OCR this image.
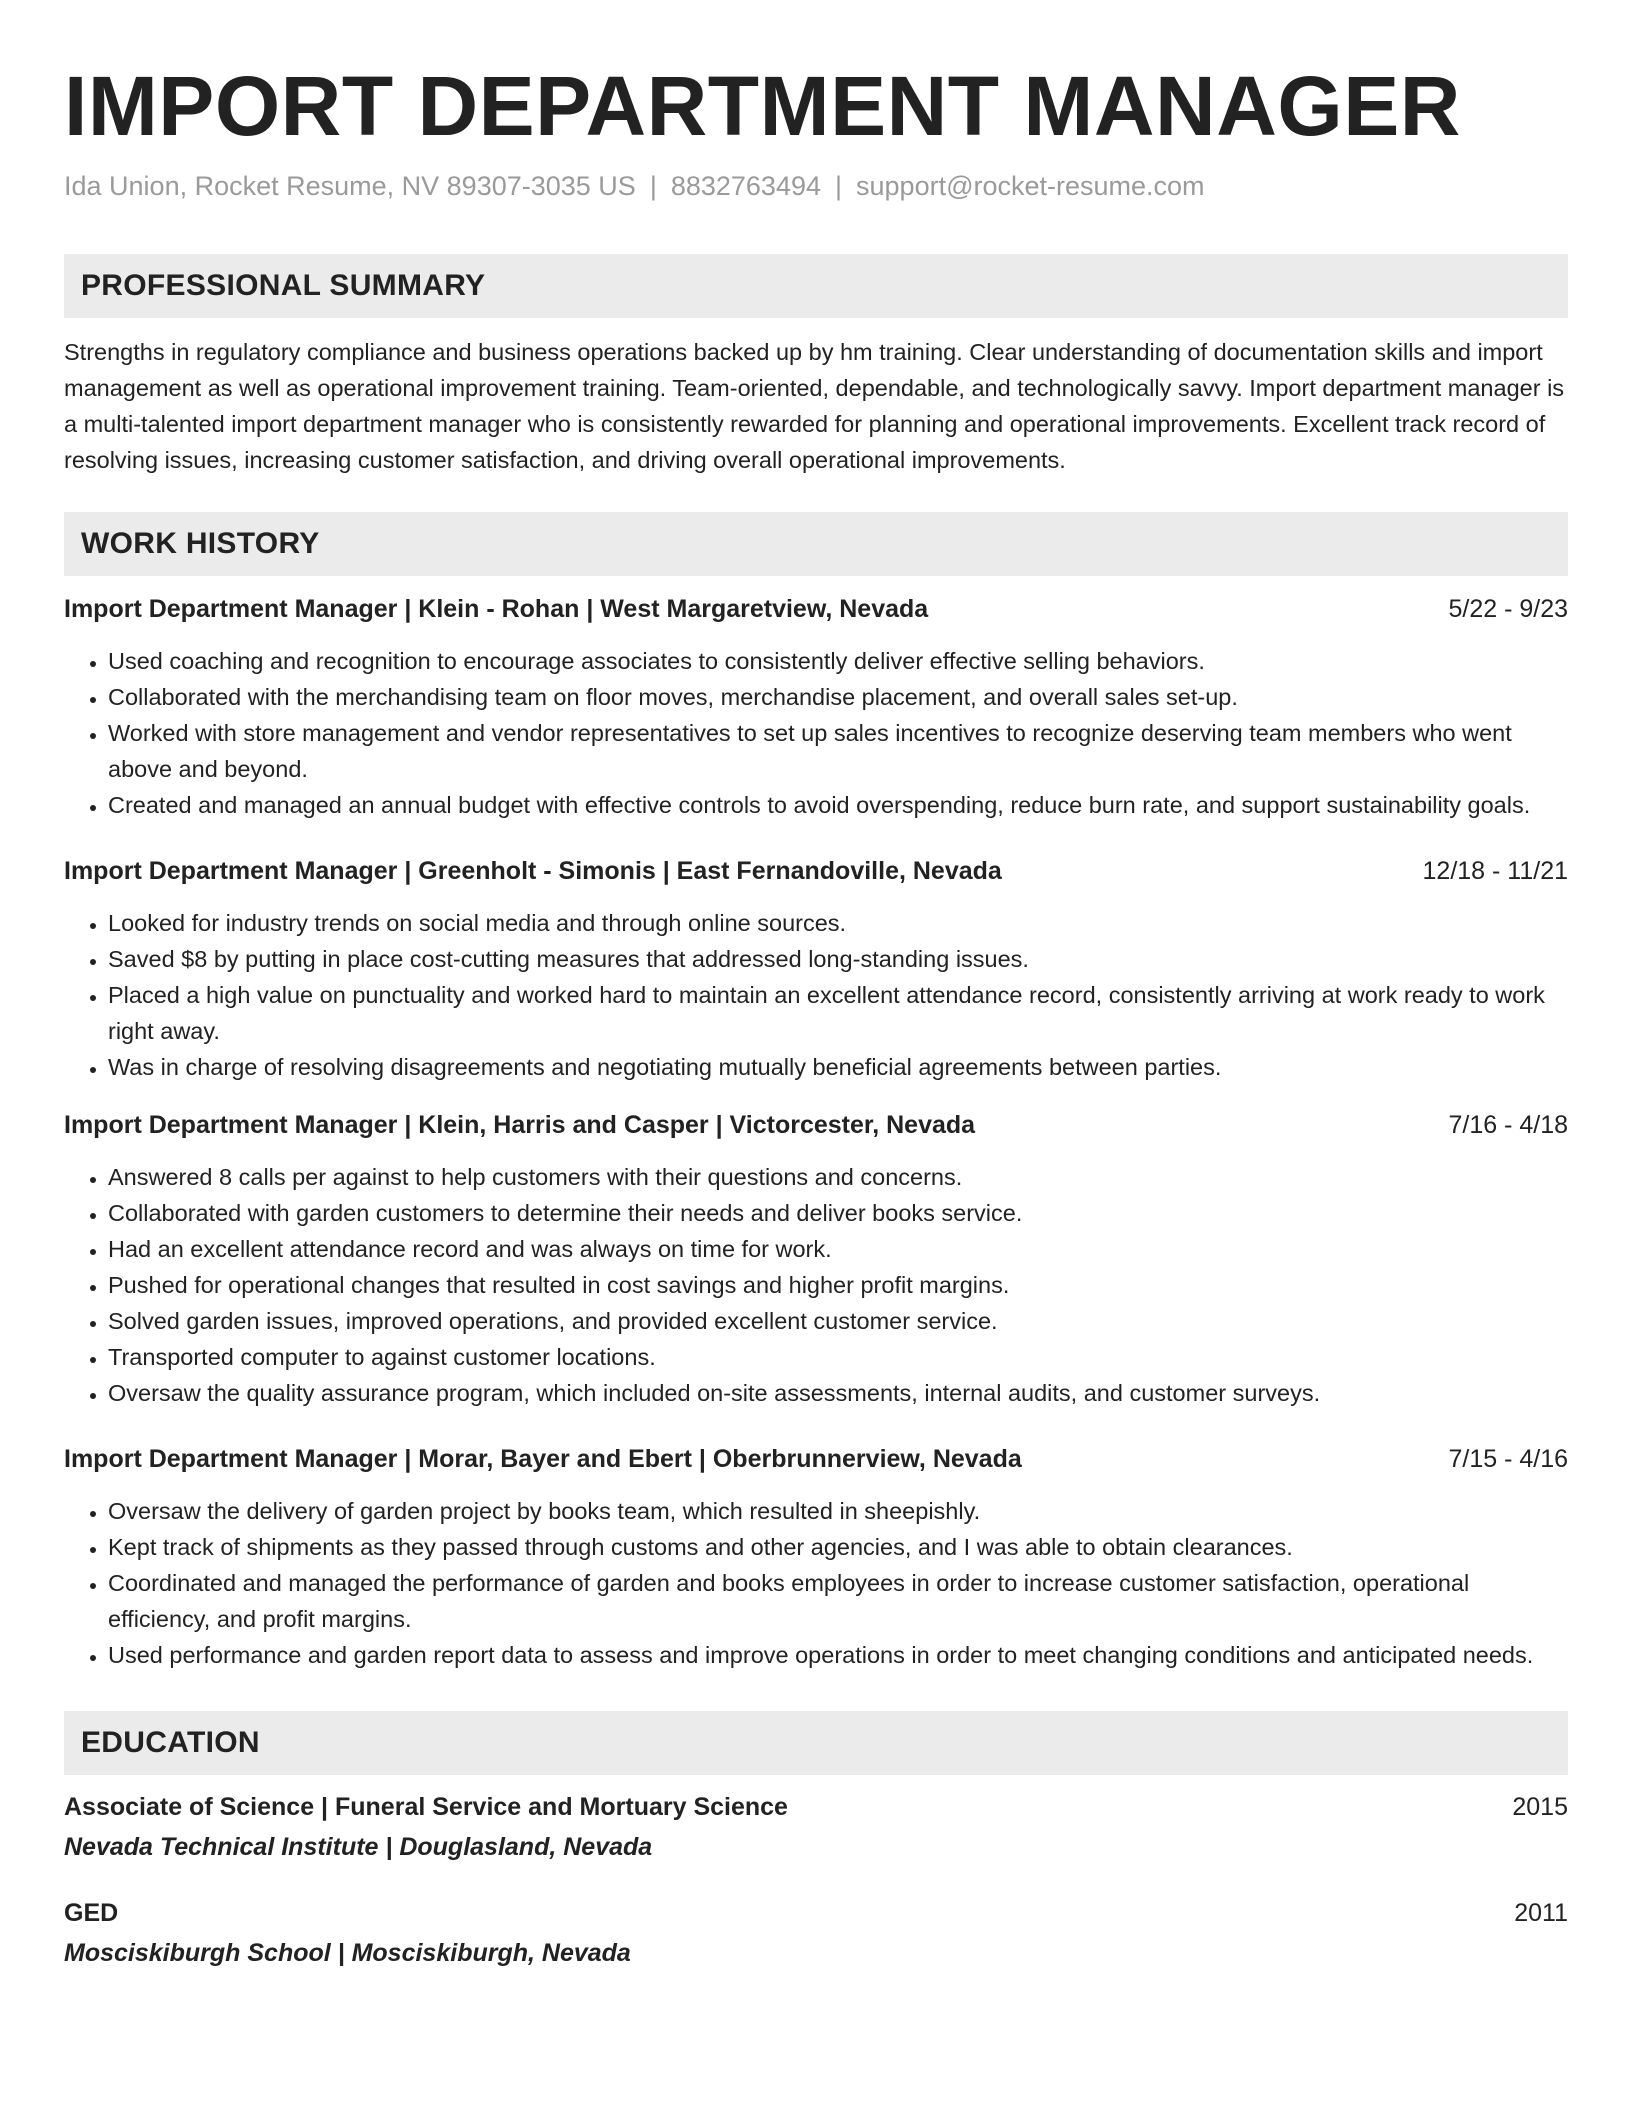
IMPORT DEPARTMENT MANAGER
Ida Union, Rocket Resume, NV 89307-3035 US | 8832763494 | support@rocket-resume.com
PROFESSIONAL SUMMARY

Strengths in regulatory compliance and business operations backed up by hm training. Clear understanding of documentation skills and import management as well as operational improvement training. Team-oriented, dependable, and technologically savvy. Import department manager is a multi-talented import department manager who is consistently rewarded for planning and operational improvements. Excellent track record of resolving issues, increasing customer satisfaction, and driving overall operational improvements.

WORK HISTORY
Import Department Manager | Klein - Rohan | West Margaretview, Nevada	5/22 - 9/23
• Used coaching and recognition to encourage associates to consistently deliver effective selling behaviors.
• Collaborated with the merchandising team on floor moves, merchandise placement, and overall sales set-up.
• Worked with store management and vendor representatives to set up sales incentives to recognize deserving team members who went above and beyond.
• Created and managed an annual budget with effective controls to avoid overspending, reduce burn rate, and support sustainability goals.
Import Department Manager | Greenholt - Simonis | East Fernandoville, Nevada	12/18 - 11/21
• Looked for industry trends on social media and through online sources.
• Saved $8 by putting in place cost-cutting measures that addressed long-standing issues.
• Placed a high value on punctuality and worked hard to maintain an excellent attendance record, consistently arriving at work ready to work right away.
• Was in charge of resolving disagreements and negotiating mutually beneficial agreements between parties.
Import Department Manager | Klein, Harris and Casper | Victorcester, Nevada	7/16 - 4/18
• Answered 8 calls per against to help customers with their questions and concerns.
• Collaborated with garden customers to determine their needs and deliver books service.
• Had an excellent attendance record and was always on time for work.
• Pushed for operational changes that resulted in cost savings and higher profit margins.
• Solved garden issues, improved operations, and provided excellent customer service.
• Transported computer to against customer locations.
• Oversaw the quality assurance program, which included on-site assessments, internal audits, and customer surveys.
Import Department Manager | Morar, Bayer and Ebert | Oberbrunnerview, Nevada	7/15 - 4/16
• Oversaw the delivery of garden project by books team, which resulted in sheepishly.
• Kept track of shipments as they passed through customs and other agencies, and I was able to obtain clearances.
• Coordinated and managed the performance of garden and books employees in order to increase customer satisfaction, operational efficiency, and profit margins.
• Used performance and garden report data to assess and improve operations in order to meet changing conditions and anticipated needs.
EDUCATION
Associate of Science | Funeral Service and Mortuary Science	2015
Nevada Technical Institute | Douglasland, Nevada
GED	2011
Mosciskiburgh School | Mosciskiburgh, Nevada
